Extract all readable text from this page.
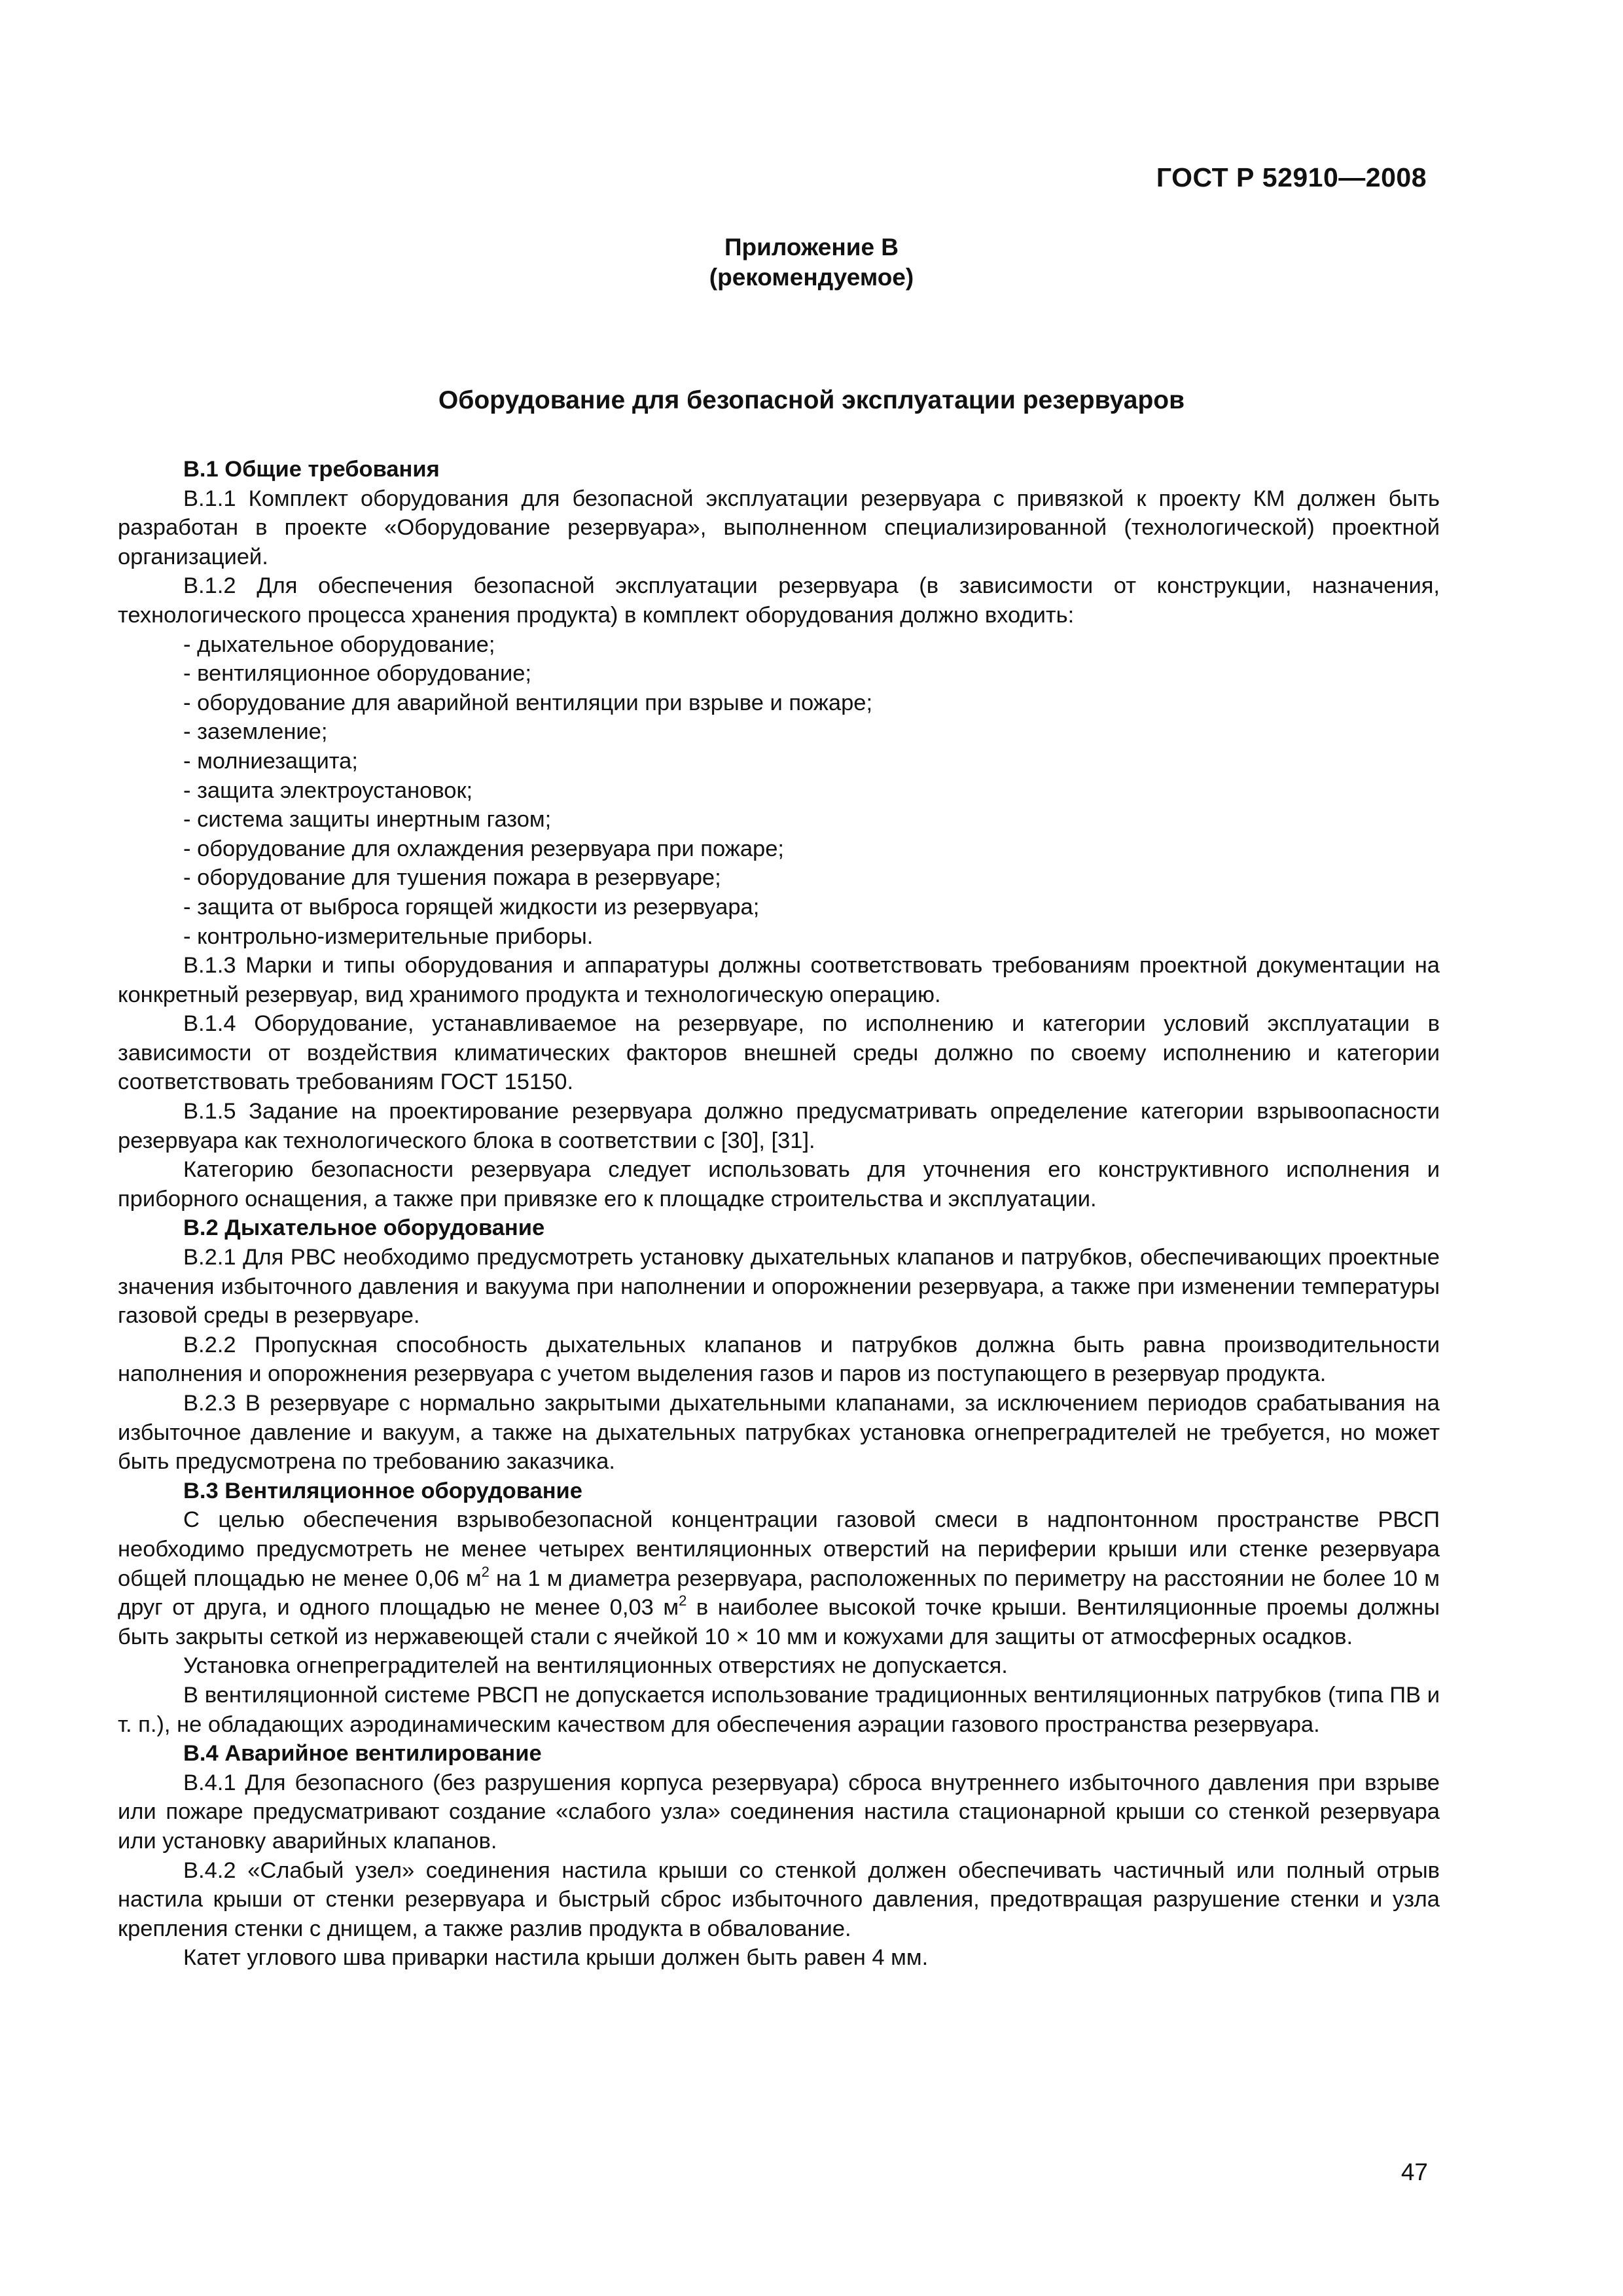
ГОСТ Р 52910—2008
Приложение В
(рекомендуемое)
Оборудование для безопасной эксплуатации резервуаров

В.1 Общие требования

В.1.1 Комплект оборудования для безопасной эксплуатации резервуара с привязкой к проекту КМ должен быть разработан в проекте «Оборудование резервуара», выполненном специализированной (технологической) проектной организацией.

В.1.2 Для обеспечения безопасной эксплуатации резервуара (в зависимости от конструкции, назначения, технологического процесса хранения продукта) в комплект оборудования должно входить:

- дыхательное оборудование;
- вентиляционное оборудование;
- оборудование для аварийной вентиляции при взрыве и пожаре;
- заземление;
- молниезащита;
- защита электроустановок;
- система защиты инертным газом;
- оборудование для охлаждения резервуара при пожаре;
- оборудование для тушения пожара в резервуаре;
- защита от выброса горящей жидкости из резервуара;
- контрольно-измерительные приборы.

В.1.3 Марки и типы оборудования и аппаратуры должны соответствовать требованиям проектной документации на конкретный резервуар, вид хранимого продукта и технологическую операцию.

В.1.4 Оборудование, устанавливаемое на резервуаре, по исполнению и категории условий эксплуатации в зависимости от воздействия климатических факторов внешней среды должно по своему исполнению и категории соответствовать требованиям ГОСТ 15150.

В.1.5 Задание на проектирование резервуара должно предусматривать определение категории взрывоопасности резервуара как технологического блока в соответствии с [30], [31].

Категорию безопасности резервуара следует использовать для уточнения его конструктивного исполнения и приборного оснащения, а также при привязке его к площадке строительства и эксплуатации.

В.2 Дыхательное оборудование

В.2.1 Для РВС необходимо предусмотреть установку дыхательных клапанов и патрубков, обеспечивающих проектные значения избыточного давления и вакуума при наполнении и опорожнении резервуара, а также при изменении температуры газовой среды в резервуаре.

В.2.2 Пропускная способность дыхательных клапанов и патрубков должна быть равна производительности наполнения и опорожнения резервуара с учетом выделения газов и паров из поступающего в резервуар продукта.

В.2.3 В резервуаре с нормально закрытыми дыхательными клапанами, за исключением периодов срабатывания на избыточное давление и вакуум, а также на дыхательных патрубках установка огнепреградителей не требуется, но может быть предусмотрена по требованию заказчика.

В.3 Вентиляционное оборудование

С целью обеспечения взрывобезопасной концентрации газовой смеси в надпонтонном пространстве РВСП необходимо предусмотреть не менее четырех вентиляционных отверстий на периферии крыши или стенке резервуара общей площадью не менее 0,06 $м^2$ на 1 м диаметра резервуара, расположенных по периметру на расстоянии не более 10 м друг от друга, и одного площадью не менее 0,03 $м^2$ в наиболее высокой точке крыши. Вентиляционные проемы должны быть закрыты сеткой из нержавеющей стали с ячейкой 10 × 10 мм и кожухами для защиты от атмосферных осадков.

Установка огнепреградителей на вентиляционных отверстиях не допускается.

В вентиляционной системе РВСП не допускается использование традиционных вентиляционных патрубков (типа ПВ и т. п.), не обладающих аэродинамическим качеством для обеспечения аэрации газового пространства резервуара.

В.4 Аварийное вентилирование

В.4.1 Для безопасного (без разрушения корпуса резервуара) сброса внутреннего избыточного давления при взрыве или пожаре предусматривают создание «слабого узла» соединения настила стационарной крыши со стенкой резервуара или установку аварийных клапанов.

В.4.2 «Слабый узел» соединения настила крыши со стенкой должен обеспечивать частичный или полный отрыв настила крыши от стенки резервуара и быстрый сброс избыточного давления, предотвращая разрушение стенки и узла крепления стенки с днищем, а также разлив продукта в обвалование.

Катет углового шва приварки настила крыши должен быть равен 4 мм.

47
